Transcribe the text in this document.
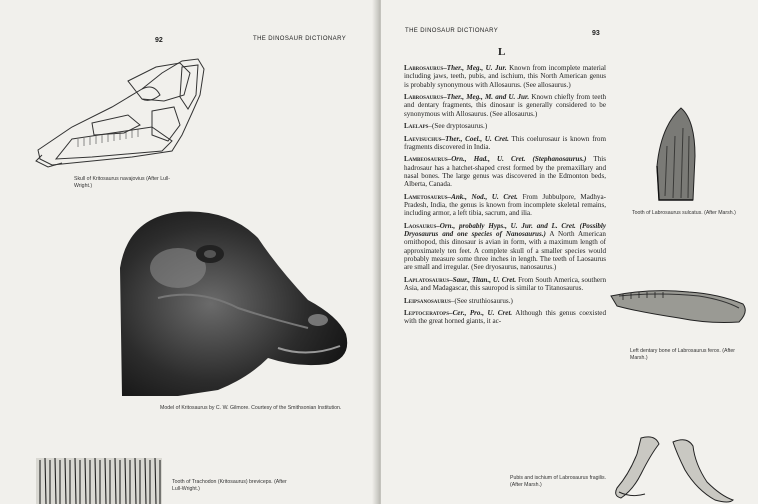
92	THE DINOSAUR DICTIONARY
Skull of Kritosaurus navajovius (After Lull-Wright.)
Model of Kritosaurus by C. W. Gilmore. Courtesy of the Smithsonian Institution.
Tooth of Trachodon (Kritosaurus) breviceps. (After Lull-Wright.)
THE DINOSAUR DICTIONARY	93
L
Labrosaurus–Ther., Meg., U. Jur. Known from incomplete material including jaws, teeth, pubis, and ischium, this North American genus is probably synonymous with Allosaurus. (See allosaurus.)
Labrosaurus–Ther., Meg., M. and U. Jur. Known chiefly from teeth and dentary fragments, this dinosaur is generally considered to be synonymous with Allosaurus. (See allosaurus.)
Laelaps–(See dryptosaurus.)
Laevisuchus–Ther., Coel., U. Cret. This coelurosaur is known from fragments discovered in India.
Lambeosaurus–Orn., Had., U. Cret. (Stephanosaurus.) This hadrosaur has a hatchet-shaped crest formed by the premaxillary and nasal bones. The large genus was discovered in the Edmonton beds, Alberta, Canada.
Lametosaurus–Ank., Nod., U. Cret. From Jubbulpore, Madhya-Pradesh, India, the genus is known from incomplete skeletal remains, including armor, a left tibia, sacrum, and ilia.
Laosaurus–Orn., probably Hyps., U. Jur. and L. Cret. (Possibly Dryosaurus and one species of Nanosaurus.) A North American ornithopod, this dinosaur is avian in form, with a maximum length of approximately ten feet. A complete skull of a smaller species would probably measure some three inches in length. The teeth of Laosaurus are small and irregular. (See dryosaurus, nanosaurus.)
Laplatosaurus–Saur., Titan., U. Cret. From South America, southern Asia, and Madagascar, this sauropod is similar to Titanosaurus.
Leipsanosaurus–(See struthiosaurus.)
Leptoceratops–Cer., Pro., U. Cret. Although this genus coexisted with the great horned giants, it ac-
Tooth of Labrosaurus sulcatus. (After Marsh.)
Left dentary bone of Labrosaurus ferox. (After Marsh.)
Pubis and ischium of Labrosaurus fragilis. (After Marsh.)
